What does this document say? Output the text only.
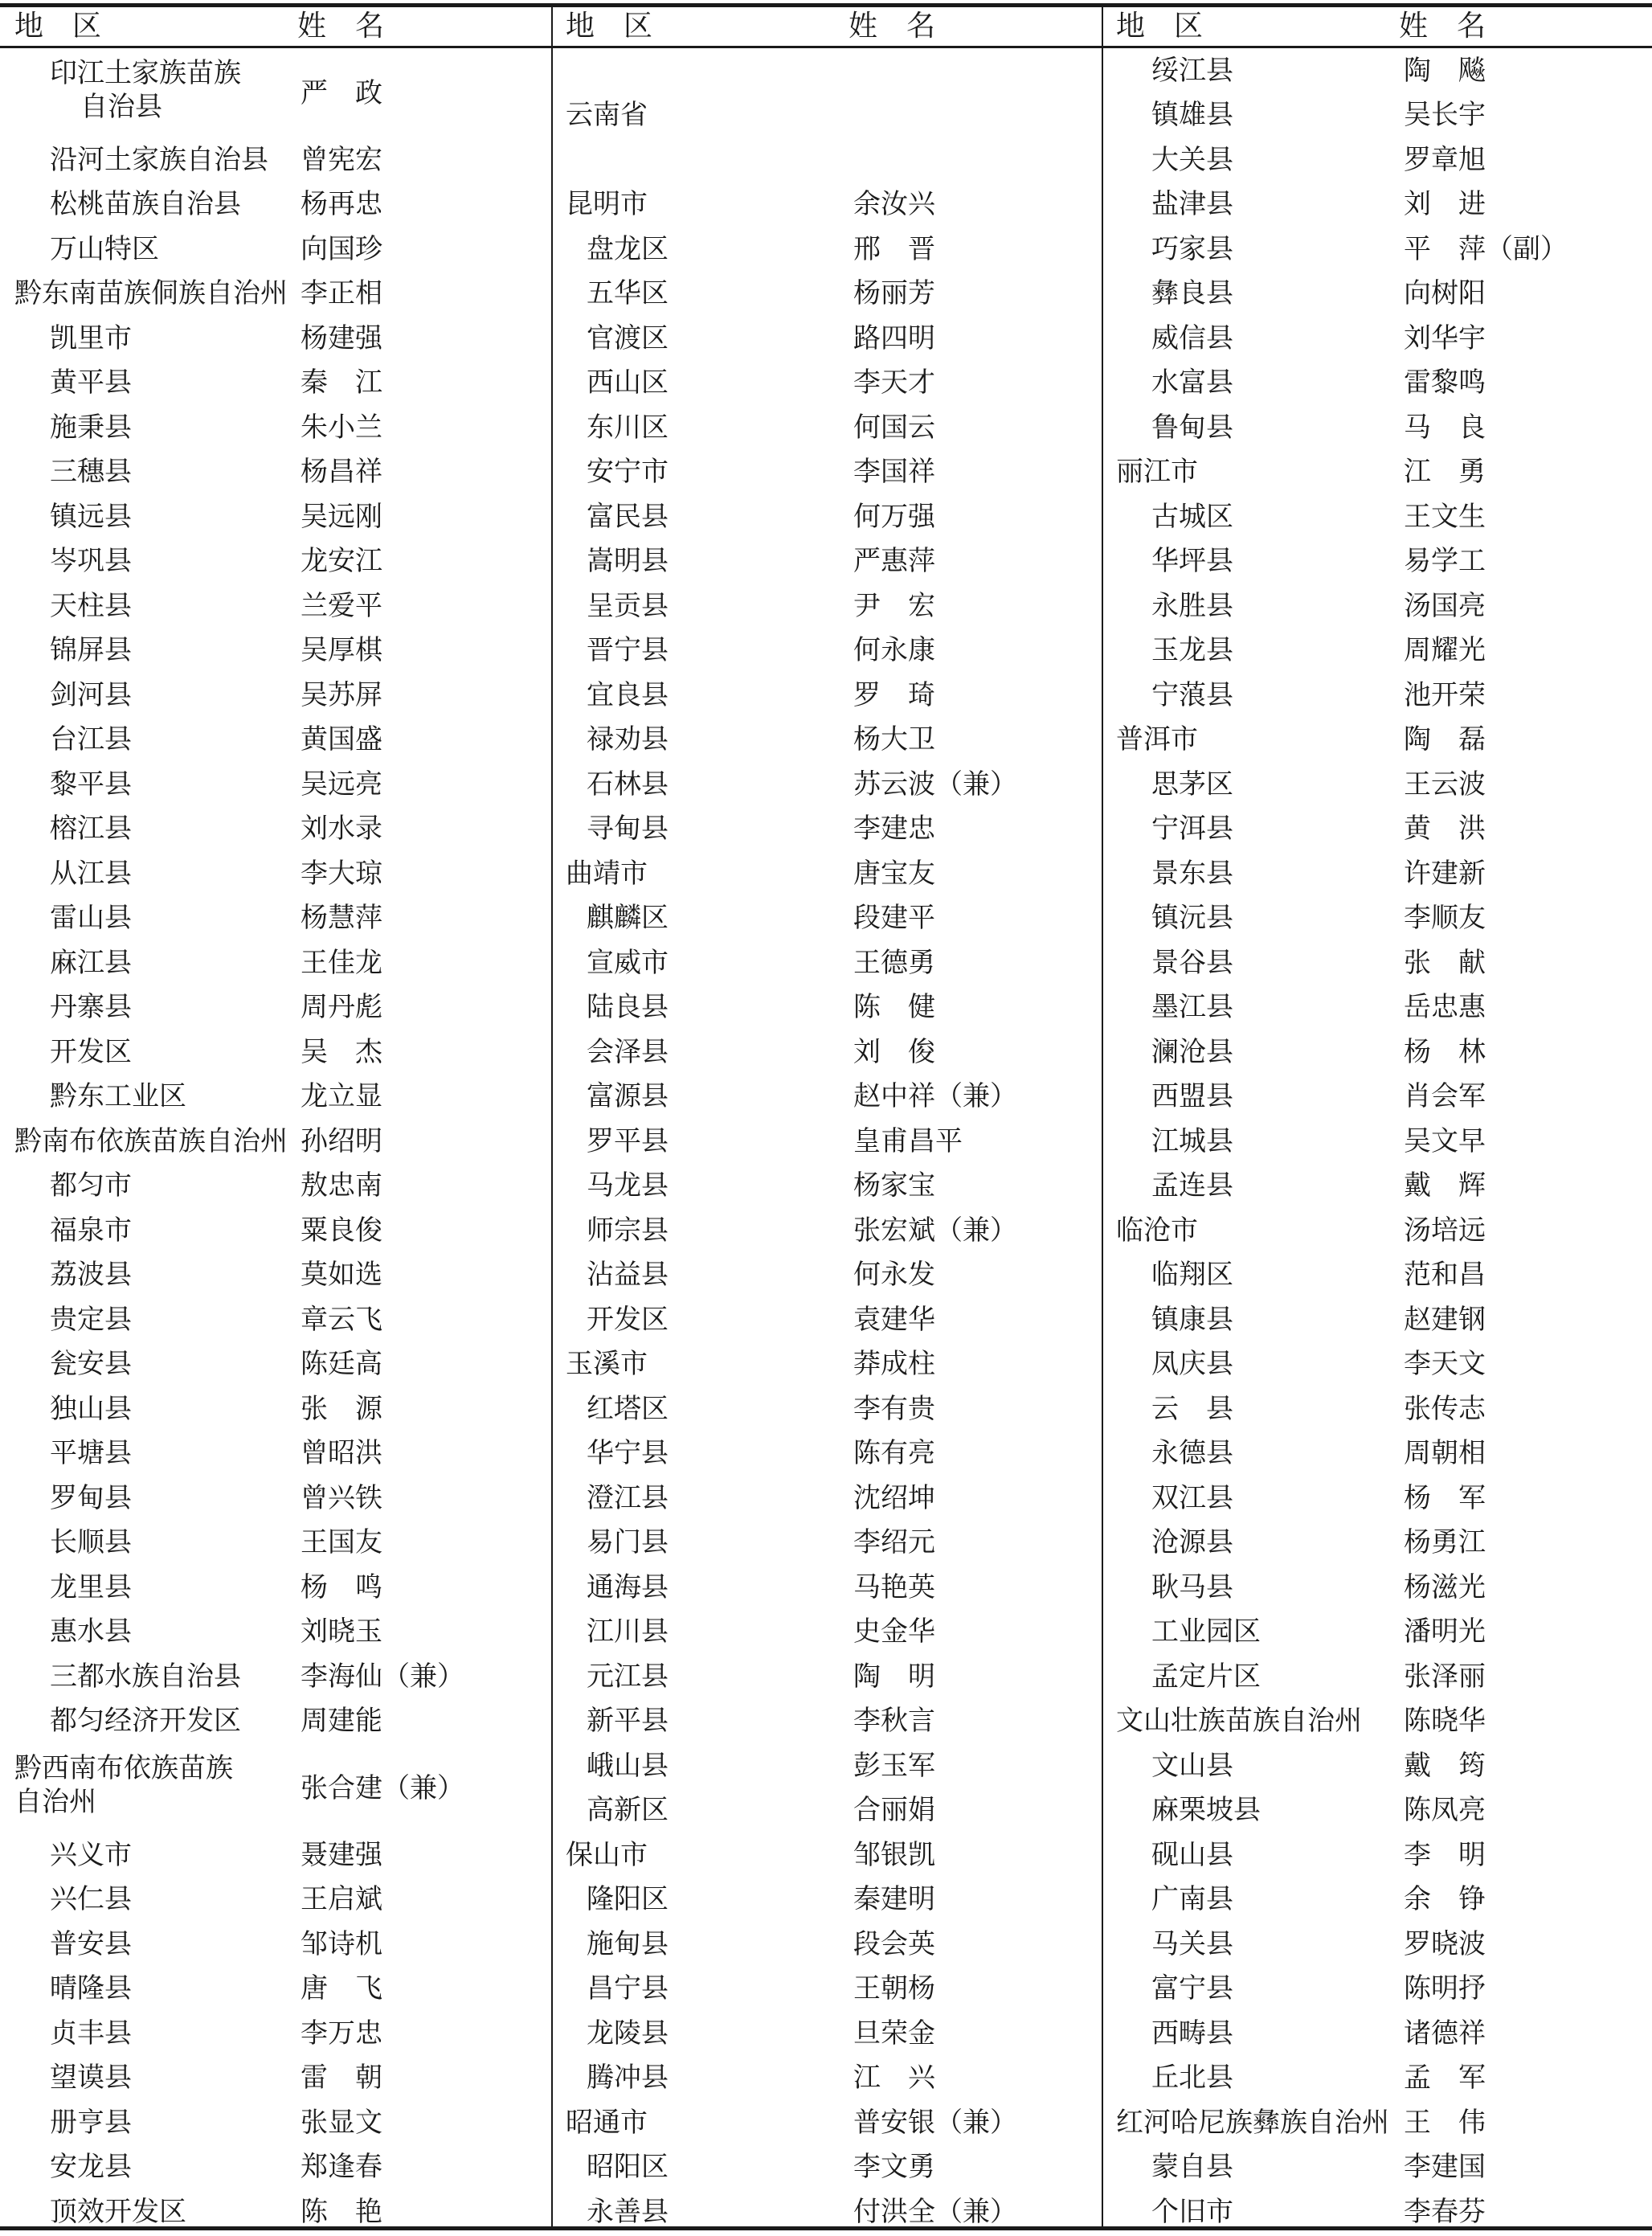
地　区	姓　名
印江土家族苗族
自治县	严　政
沿河土家族自治县 曾宪宏
松桃苗族自治县 杨再忠
万山特区	向国珍
黔东南苗族侗族自治州 李正相
凯里市	杨建强
黄平县	秦　江
施秉县	朱小兰
三穗县	杨昌祥
镇远县	吴远刚
岑巩县	龙安江
天柱县	兰爱平
锦屏县	吴厚棋
剑河县	吴苏屏
台江县	黄国盛
黎平县	吴远亮
榕江县	刘水录
从江县	李大琼
雷山县	杨慧萍
麻江县	王佳龙
丹寨县	周丹彪
开发区	吴　杰
黔东工业区	龙立显
黔南布依族苗族自治州 孙绍明
都匀市	敖忠南
福泉市	粟良俊
荔波县	莫如选
贵定县	章云飞
瓮安县	陈廷高
独山县	张　源
平塘县	曾昭洪
罗甸县	曾兴铁
长顺县	王国友
龙里县	杨　鸣
惠水县	刘晓玉
三都水族自治县 李海仙（兼）
都匀经济开发区 周建能
黔西南布依族苗族
自治州	张合建（兼）
兴义市	聂建强
兴仁县	王启斌
普安县	邹诗机
晴隆县	唐　飞
贞丰县	李万忠
望谟县	雷　朝
册亨县	张显文
安龙县	郑逢春
顶效开发区	陈　艳
地　区	姓　名
云南省
昆明市	余汝兴
盘龙区	邢　晋
五华区	杨丽芳
官渡区	路四明
西山区	李天才
东川区	何国云
安宁市	李国祥
富民县	何万强
嵩明县	严惠萍
呈贡县	尹　宏
晋宁县	何永康
宜良县	罗　琦
禄劝县	杨大卫
石林县	苏云波（兼）
寻甸县	李建忠
曲靖市	唐宝友
麒麟区	段建平
宣威市	王德勇
陆良县	陈　健
会泽县	刘　俊
富源县	赵中祥（兼）
罗平县	皇甫昌平
马龙县	杨家宝
师宗县	张宏斌（兼）
沾益县	何永发
开发区	袁建华
玉溪市	莽成柱
红塔区	李有贵
华宁县	陈有亮
澄江县	沈绍坤
易门县	李绍元
通海县	马艳英
江川县	史金华
元江县	陶　明
新平县	李秋言
峨山县	彭玉军
高新区	合丽娟
保山市	邹银凯
隆阳区	秦建明
施甸县	段会英
昌宁县	王朝杨
龙陵县	旦荣金
腾冲县	江　兴
昭通市	普安银（兼）
昭阳区	李文勇
永善县	付洪全（兼）
地　区	姓　名
绥江县	陶　飚
镇雄县	吴长宇
大关县	罗章旭
盐津县	刘　进
巧家县	平　萍（副）
彝良县	向树阳
威信县	刘华宇
水富县	雷黎鸣
鲁甸县	马　良
丽江市	江　勇
古城区	王文生
华坪县	易学工
永胜县	汤国亮
玉龙县	周耀光
宁蒗县	池开荣
普洱市	陶　磊
思茅区	王云波
宁洱县	黄　洪
景东县	许建新
镇沅县	李顺友
景谷县	张　献
墨江县	岳忠惠
澜沧县	杨　林
西盟县	肖会军
江城县	吴文早
孟连县	戴　辉
临沧市	汤培远
临翔区	范和昌
镇康县	赵建钢
凤庆县	李天文
云　县	张传志
永德县	周朝相
双江县	杨　军
沧源县	杨勇江
耿马县	杨滋光
工业园区	潘明光
孟定片区	张泽丽
文山壮族苗族自治州 陈晓华
文山县	戴　筠
麻栗坡县	陈凤亮
砚山县	李　明
广南县	余　铮
马关县	罗晓波
富宁县	陈明抒
西畴县	诸德祥
丘北县	孟　军
红河哈尼族彝族自治州 王　伟
蒙自县	李建国
个旧市	李春芬
